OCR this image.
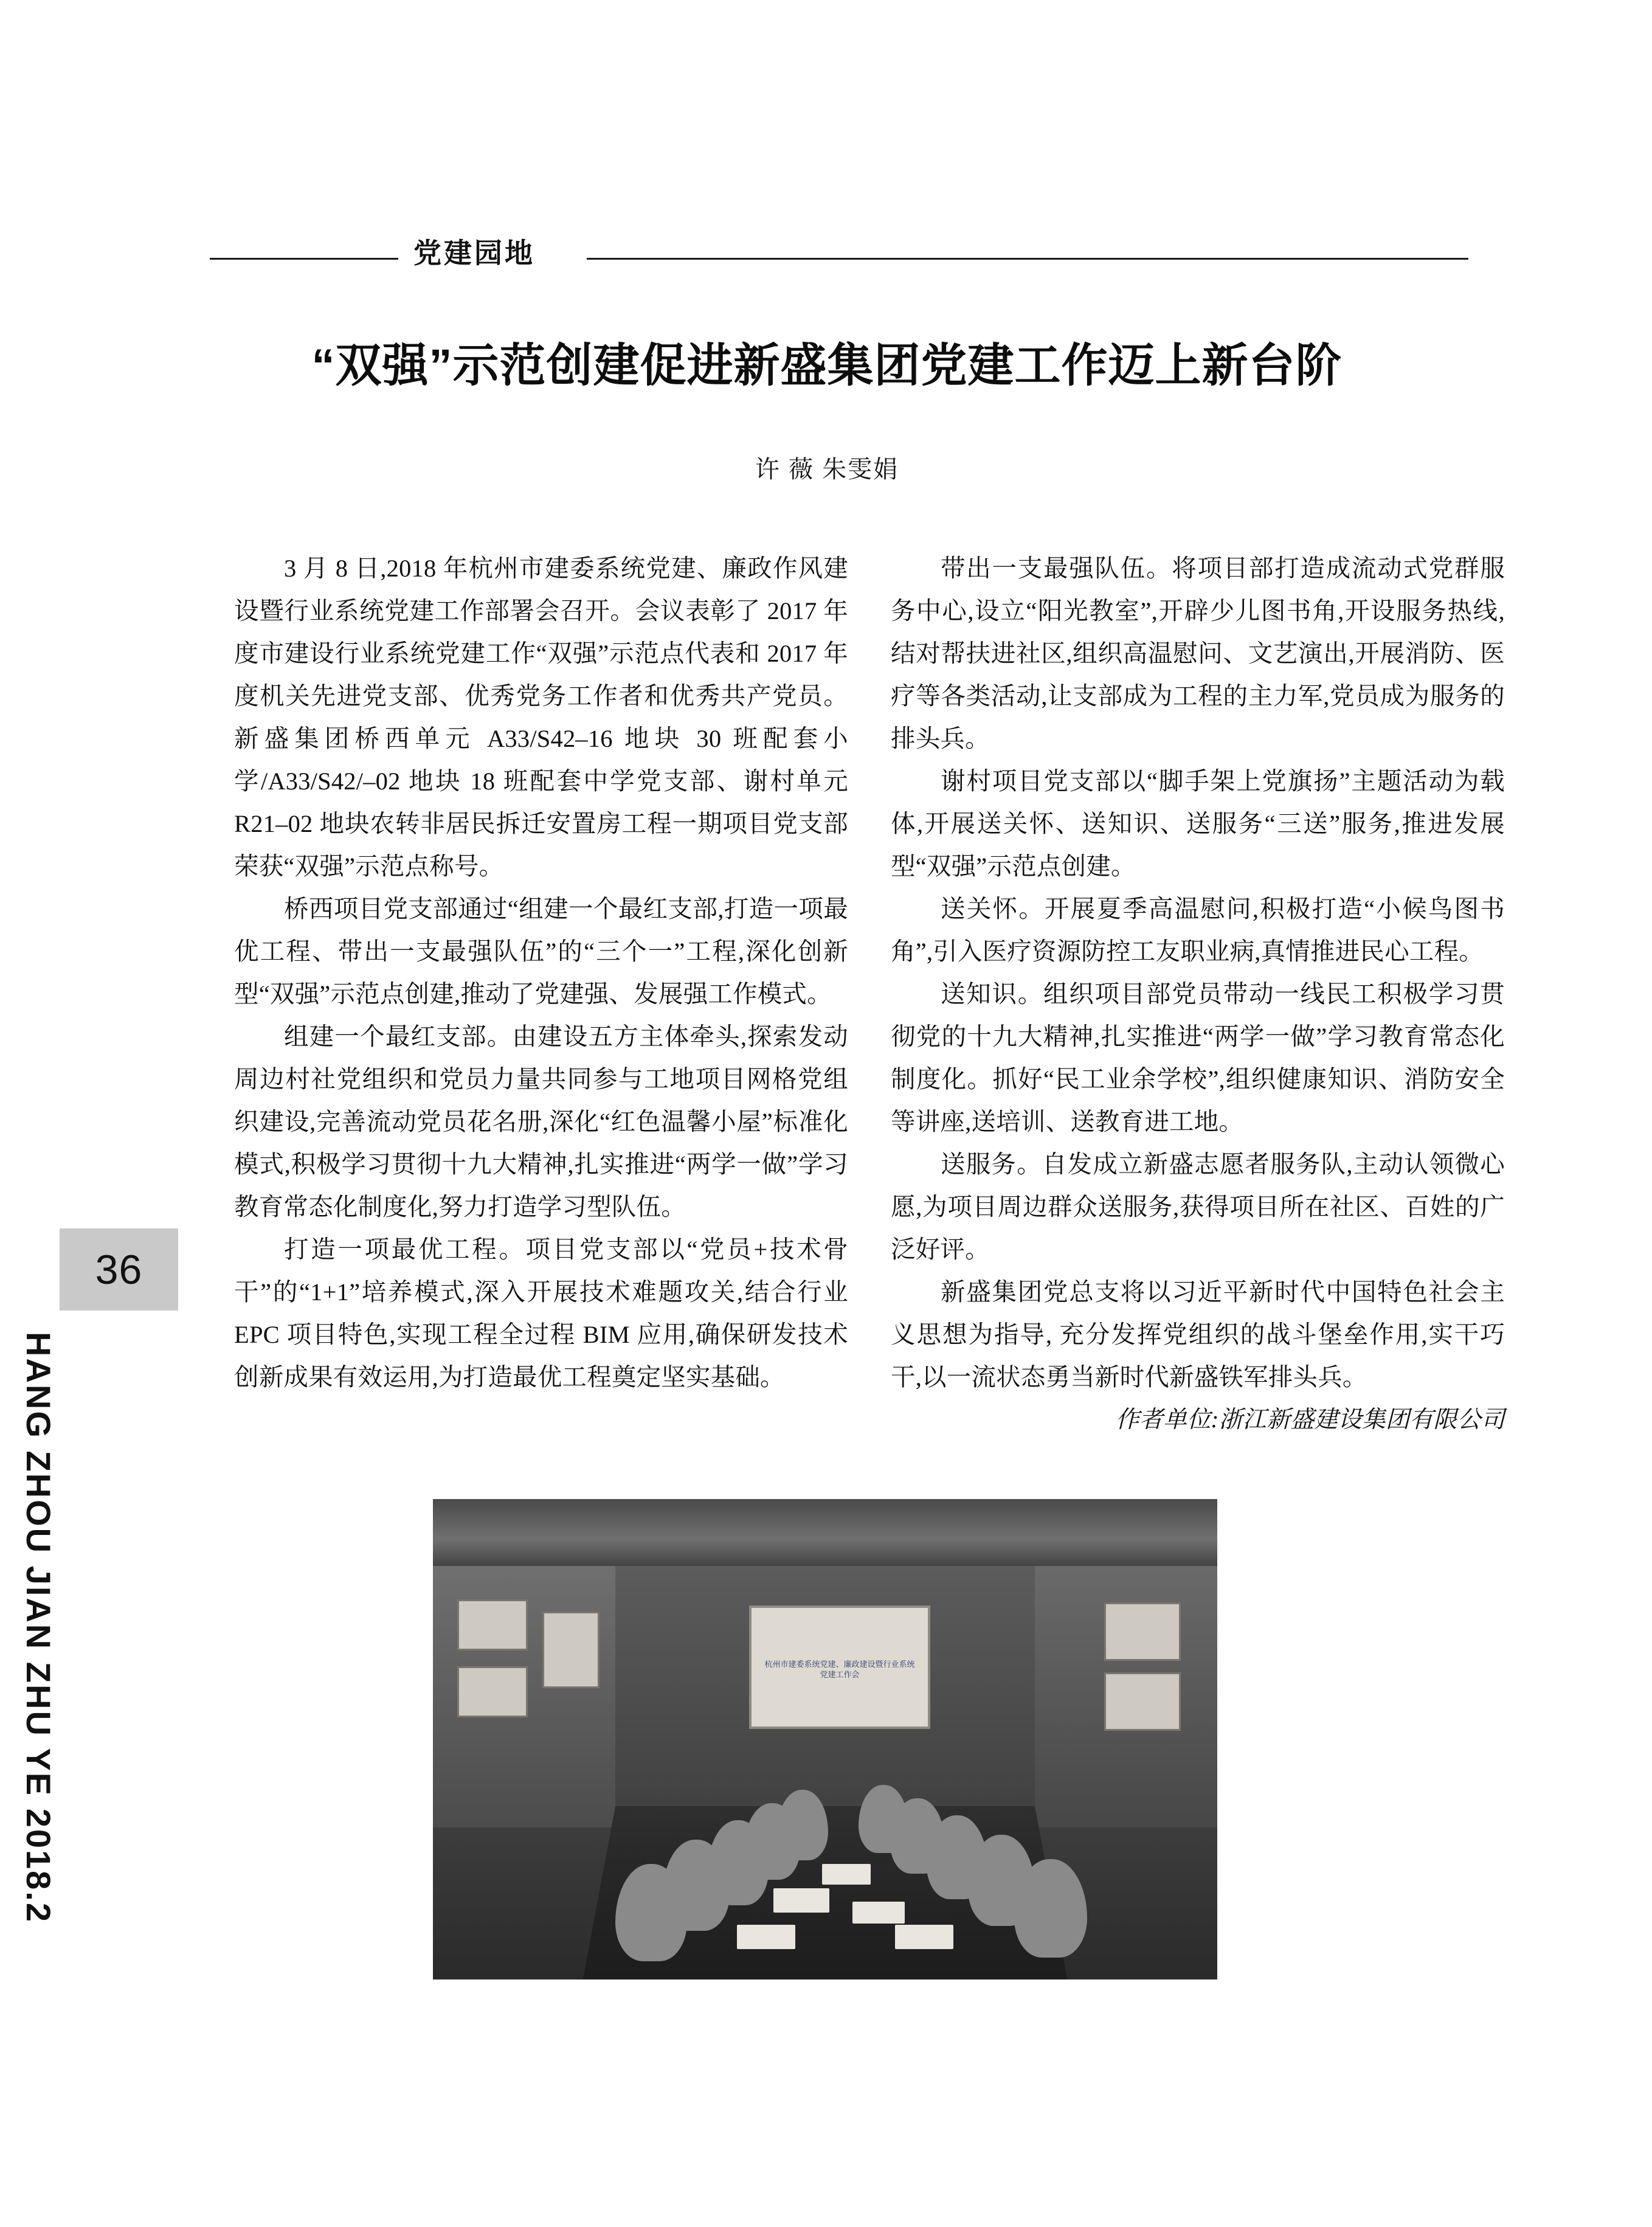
36
HANG ZHOU JIAN ZHU YE 2018.2
党建园地
“双强”示范创建促进新盛集团党建工作迈上新台阶
许 薇 朱雯娟

3 月 8 日,2018 年杭州市建委系统党建、廉政作风建设暨行业系统党建工作部署会召开。会议表彰了 2017 年度市建设行业系统党建工作“双强”示范点代表和 2017 年度机关先进党支部、优秀党务工作者和优秀共产党员。新盛集团桥西单元 A33/S42–16 地块 30 班配套小学/A33/S42/–02 地块 18 班配套中学党支部、谢村单元 R21–02 地块农转非居民拆迁安置房工程一期项目党支部荣获“双强”示范点称号。

桥西项目党支部通过“组建一个最红支部,打造一项最优工程、带出一支最强队伍”的“三个一”工程,深化创新型“双强”示范点创建,推动了党建强、发展强工作模式。

组建一个最红支部。由建设五方主体牵头,探索发动周边村社党组织和党员力量共同参与工地项目网格党组织建设,完善流动党员花名册,深化“红色温馨小屋”标准化模式,积极学习贯彻十九大精神,扎实推进“两学一做”学习教育常态化制度化,努力打造学习型队伍。

打造一项最优工程。项目党支部以“党员+技术骨干”的“1+1”培养模式,深入开展技术难题攻关,结合行业 EPC 项目特色,实现工程全过程 BIM 应用,确保研发技术创新成果有效运用,为打造最优工程奠定坚实基础。

带出一支最强队伍。将项目部打造成流动式党群服务中心,设立“阳光教室”,开辟少儿图书角,开设服务热线,结对帮扶进社区,组织高温慰问、文艺演出,开展消防、医疗等各类活动,让支部成为工程的主力军,党员成为服务的排头兵。

谢村项目党支部以“脚手架上党旗扬”主题活动为载体,开展送关怀、送知识、送服务“三送”服务,推进发展型“双强”示范点创建。

送关怀。开展夏季高温慰问,积极打造“小候鸟图书角”,引入医疗资源防控工友职业病,真情推进民心工程。

送知识。组织项目部党员带动一线民工积极学习贯彻党的十九大精神,扎实推进“两学一做”学习教育常态化制度化。抓好“民工业余学校”,组织健康知识、消防安全等讲座,送培训、送教育进工地。

送服务。自发成立新盛志愿者服务队,主动认领微心愿,为项目周边群众送服务,获得项目所在社区、百姓的广泛好评。

新盛集团党总支将以习近平新时代中国特色社会主义思想为指导, 充分发挥党组织的战斗堡垒作用,实干巧干,以一流状态勇当新时代新盛铁军排头兵。

作者单位:浙江新盛建设集团有限公司

杭州市建委系统党建、廉政建设暨行业系统党建工作会
